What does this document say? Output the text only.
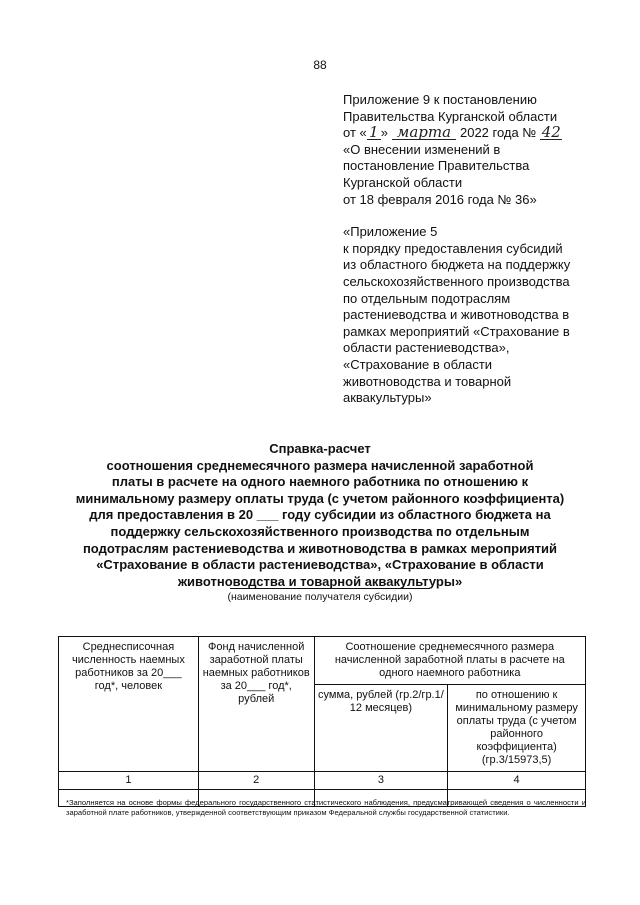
88

Приложение 9 к постановлению

Правительства Курганской области

от « 1 » марта 2022 года № 42

«О внесении изменений в

постановление Правительства

Курганской области

от 18 февраля 2016 года № 36»

«Приложение 5

к порядку предоставления субсидий

из областного бюджета на поддержку

сельскохозяйственного производства

по отдельным подотраслям

растениеводства и животноводства в

рамках мероприятий «Страхование в

области растениеводства»,

«Страхование в области

животноводства и товарной

аквакультуры»

Справка-расчет

соотношения среднемесячного размера начисленной заработной

платы в расчете на одного наемного работника по отношению к

минимальному размеру оплаты труда (с учетом районного коэффициента)

для предоставления в 20 ___ году субсидии из областного бюджета на

поддержку сельскохозяйственного производства по отдельным

подотраслям растениеводства и животноводства в рамках мероприятий

«Страхование в области растениеводства», «Страхование в области

животноводства и товарной аквакультуры»

(наименование получателя субсидии)
Среднесписочная численность наемных работников за 20___ год*, человек	Фонд начисленной заработной платы наемных работников за 20___ год*, рублей	Соотношение среднемесячного размера начисленной заработной платы в расчете на одного наемного работника	
		сумма, рублей (гр.2/гр.1/ 12 месяцев)	по отношению к минимальному размеру оплаты труда (с учетом районного коэффициента) (гр.3/15973,5)
1	2	3	4

*Заполняется на основе формы федерального государственного статистического наблюдения, предусматривающей сведения о численности и заработной плате работников, утвержденной соответствующим приказом Федеральной службы государственной статистики.
